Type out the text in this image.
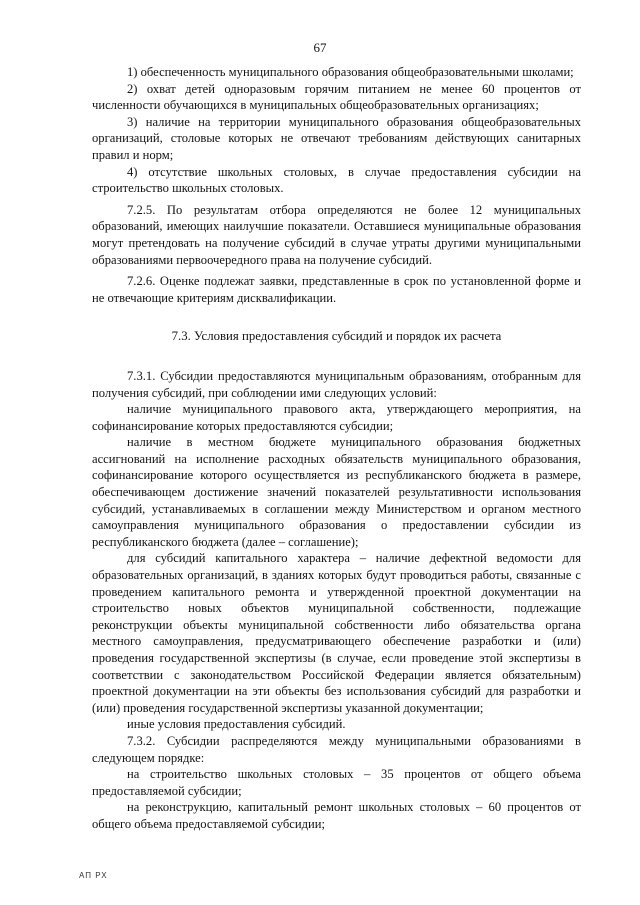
67

1) обеспеченность муниципального образования общеобразовательными школами;

2) охват детей одноразовым горячим питанием не менее 60 процентов от численности обучающихся в муниципальных общеобразовательных организациях;

3) наличие на территории муниципального образования общеобразовательных организаций, столовые которых не отвечают требованиям действующих санитарных правил и норм;

4) отсутствие школьных столовых, в случае предоставления субсидии на строительство школьных столовых.

7.2.5. По результатам отбора определяются не более 12 муниципальных образований, имеющих наилучшие показатели. Оставшиеся муниципальные образования могут претендовать на получение субсидий в случае утраты другими муниципальными образованиями первоочередного права на получение субсидий.

7.2.6. Оценке подлежат заявки, представленные в срок по установленной форме и не отвечающие критериям дисквалификации.

7.3. Условия предоставления субсидий и порядок их расчета

7.3.1. Субсидии предоставляются муниципальным образованиям, отобранным для получения субсидий, при соблюдении ими следующих условий:

наличие муниципального правового акта, утверждающего мероприятия, на софинансирование которых предоставляются субсидии;

наличие в местном бюджете муниципального образования бюджетных ассигнований на исполнение расходных обязательств муниципального образования, софинансирование которого осуществляется из республиканского бюджета в размере, обеспечивающем достижение значений показателей результативности использования субсидий, устанавливаемых в соглашении между Министерством и органом местного самоуправления муниципального образования о предоставлении субсидии из республиканского бюджета (далее – соглашение);

для субсидий капитального характера – наличие дефектной ведомости для образовательных организаций, в зданиях которых будут проводиться работы, связанные с проведением капитального ремонта и утвержденной проектной документации на строительство новых объектов муниципальной собственности, подлежащие реконструкции объекты муниципальной собственности либо обязательства органа местного самоуправления, предусматривающего обеспечение разработки и (или) проведения государственной экспертизы (в случае, если проведение этой экспертизы в соответствии с законодательством Российской Федерации является обязательным) проектной документации на эти объекты без использования субсидий для разработки и (или) проведения государственной экспертизы указанной документации;

иные условия предоставления субсидий.

7.3.2. Субсидии распределяются между муниципальными образованиями в следующем порядке:

на строительство школьных столовых – 35 процентов от общего объема предоставляемой субсидии;

на реконструкцию, капитальный ремонт школьных столовых – 60 процентов от общего объема предоставляемой субсидии;

АП РХ
